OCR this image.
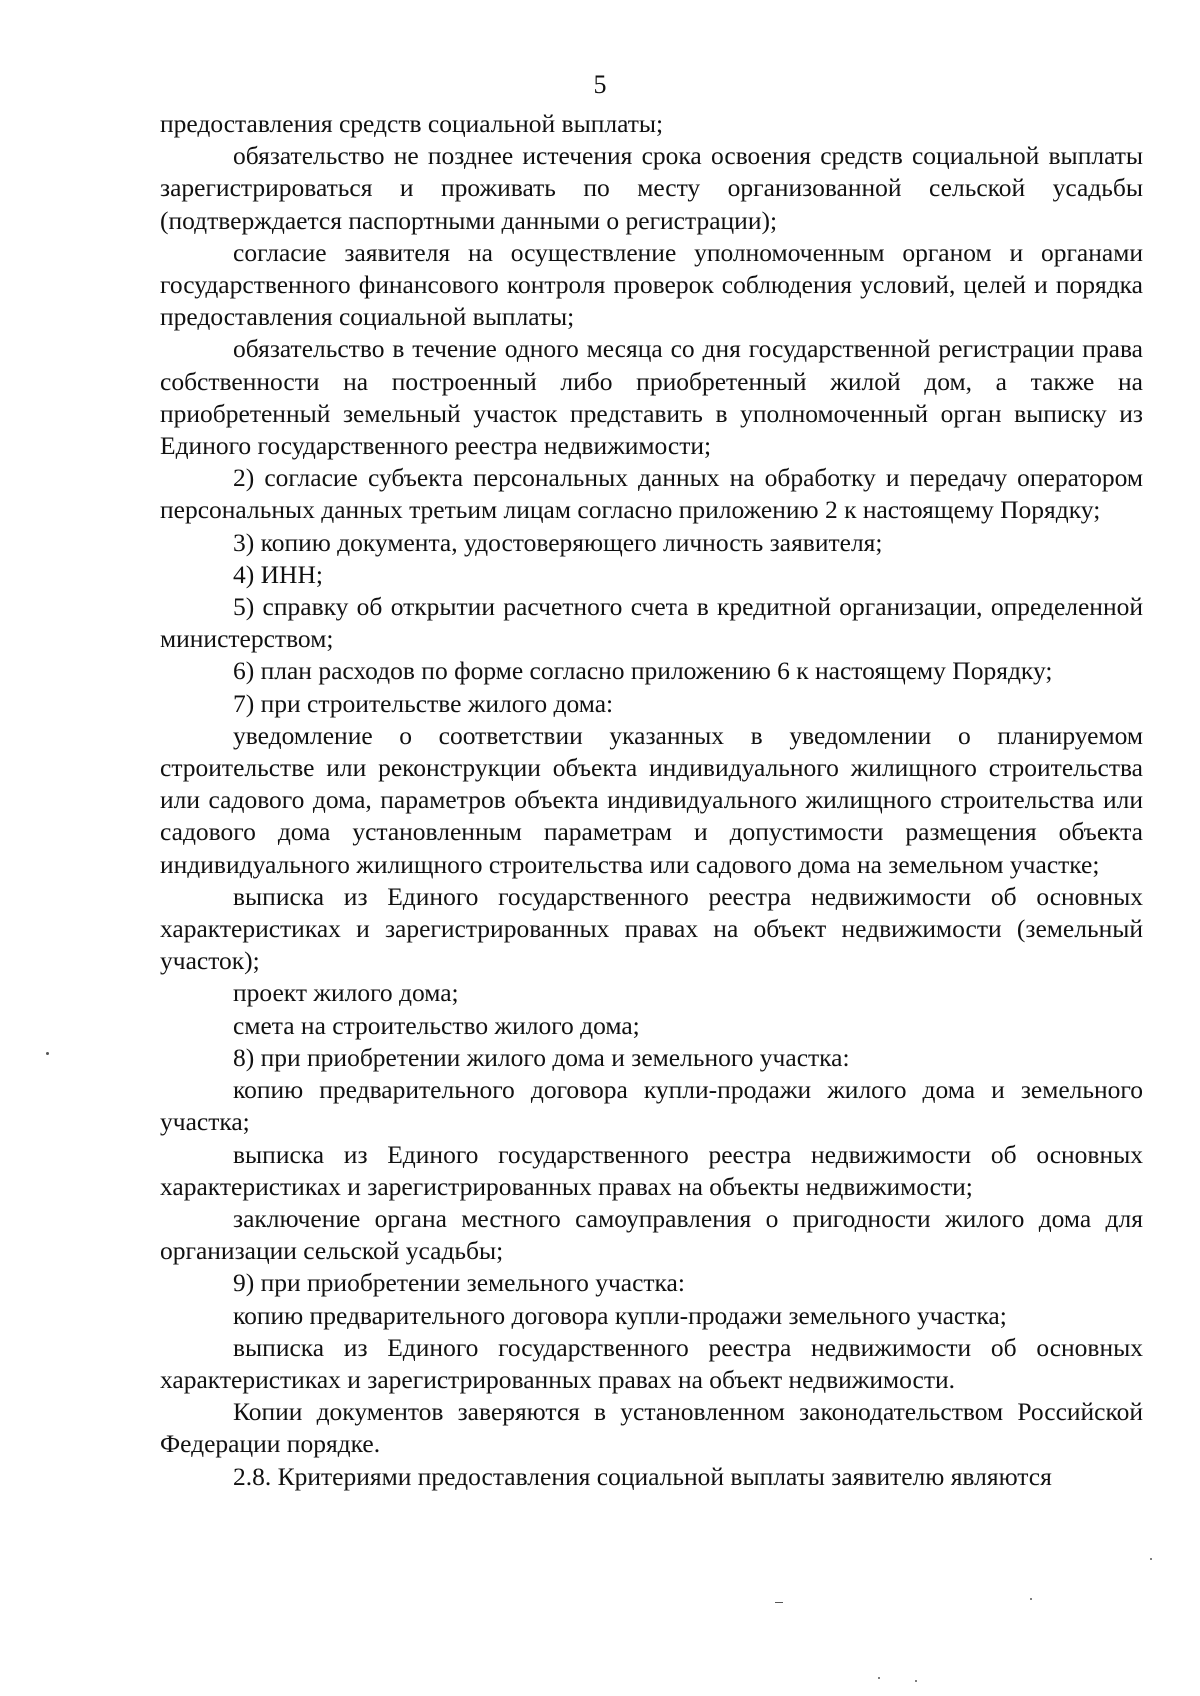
5

предоставления средств социальной выплаты;

обязательство не позднее истечения срока освоения средств социальной выплаты зарегистрироваться и проживать по месту организованной сельской усадьбы (подтверждается паспортными данными о регистрации);

согласие заявителя на осуществление уполномоченным органом и органами государственного финансового контроля проверок соблюдения условий, целей и порядка предоставления социальной выплаты;

обязательство в течение одного месяца со дня государственной регистрации права собственности на построенный либо приобретенный жилой дом, а также на приобретенный земельный участок представить в уполномоченный орган выписку из Единого государственного реестра недвижимости;

2) согласие субъекта персональных данных на обработку и передачу оператором персональных данных третьим лицам согласно приложению 2 к настоящему Порядку;

3) копию документа, удостоверяющего личность заявителя;

4) ИНН;

5) справку об открытии расчетного счета в кредитной организации, определенной министерством;

6) план расходов по форме согласно приложению 6 к настоящему Порядку;

7) при строительстве жилого дома:

уведомление о соответствии указанных в уведомлении о планируемом строительстве или реконструкции объекта индивидуального жилищного строительства или садового дома, параметров объекта индивидуального жилищного строительства или садового дома установленным параметрам и допустимости размещения объекта индивидуального жилищного строительства или садового дома на земельном участке;

выписка из Единого государственного реестра недвижимости об основных характеристиках и зарегистрированных правах на объект недвижимости (земельный участок);

проект жилого дома;

смета на строительство жилого дома;

8) при приобретении жилого дома и земельного участка:

копию предварительного договора купли-продажи жилого дома и земельного участка;

выписка из Единого государственного реестра недвижимости об основных характеристиках и зарегистрированных правах на объекты недвижимости;

заключение органа местного самоуправления о пригодности жилого дома для организации сельской усадьбы;

9) при приобретении земельного участка:

копию предварительного договора купли-продажи земельного участка;

выписка из Единого государственного реестра недвижимости об основных характеристиках и зарегистрированных правах на объект недвижимости.

Копии документов заверяются в установленном законодательством Российской Федерации порядке.

2.8. Критериями предоставления социальной выплаты заявителю являются
